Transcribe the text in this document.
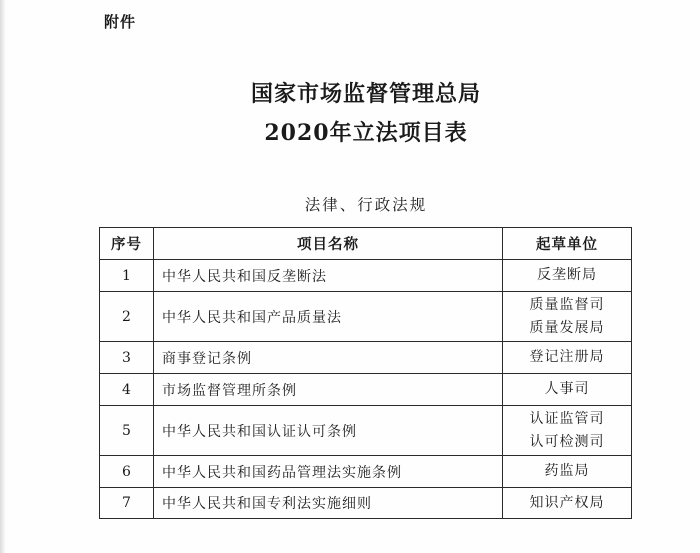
附件
国家市场监督管理总局
2020年立法项目表
法律、行政法规
序号	项目名称	起草单位
1	中华人民共和国反垄断法	反垄断局

2	中华人民共和国产品质量法	质量监督司
质量发展局

3	商事登记条例	登记注册局

4	市场监督管理所条例	人事司

5	中华人民共和国认证认可条例	认证监管司
认可检测司

6	中华人民共和国药品管理法实施条例	药监局

7	中华人民共和国专利法实施细则	知识产权局
